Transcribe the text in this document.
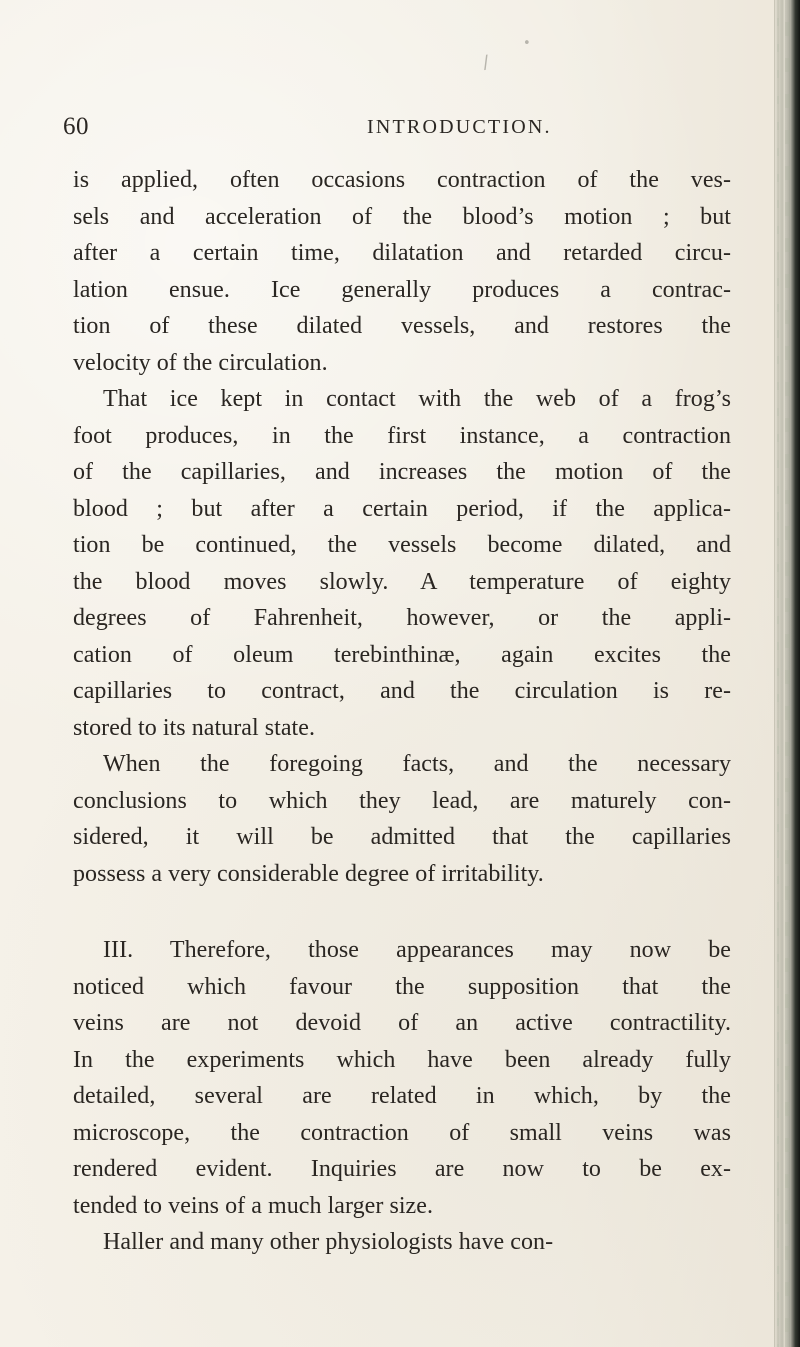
•
/
60	INTRODUCTION.
is applied, often occasions contraction of the ves-
sels and acceleration of the blood’s motion ; but
after a certain time, dilatation and retarded circu-
lation ensue. Ice generally produces a contrac-
tion of these dilated vessels, and restores the
velocity of the circulation.
That ice kept in contact with the web of a frog’s
foot produces, in the first instance, a contraction
of the capillaries, and increases the motion of the
blood ; but after a certain period, if the applica-
tion be continued, the vessels become dilated, and
the blood moves slowly. A temperature of eighty
degrees of Fahrenheit, however, or the appli-
cation of oleum terebinthinæ, again excites the
capillaries to contract, and the circulation is re-
stored to its natural state.
When the foregoing facts, and the necessary
conclusions to which they lead, are maturely con-
sidered, it will be admitted that the capillaries
possess a very considerable degree of irritability.
III. Therefore, those appearances may now be
noticed which favour the supposition that the
veins are not devoid of an active contractility.
In the experiments which have been already fully
detailed, several are related in which, by the
microscope, the contraction of small veins was
rendered evident. Inquiries are now to be ex-
tended to veins of a much larger size.
Haller and many other physiologists have con-
